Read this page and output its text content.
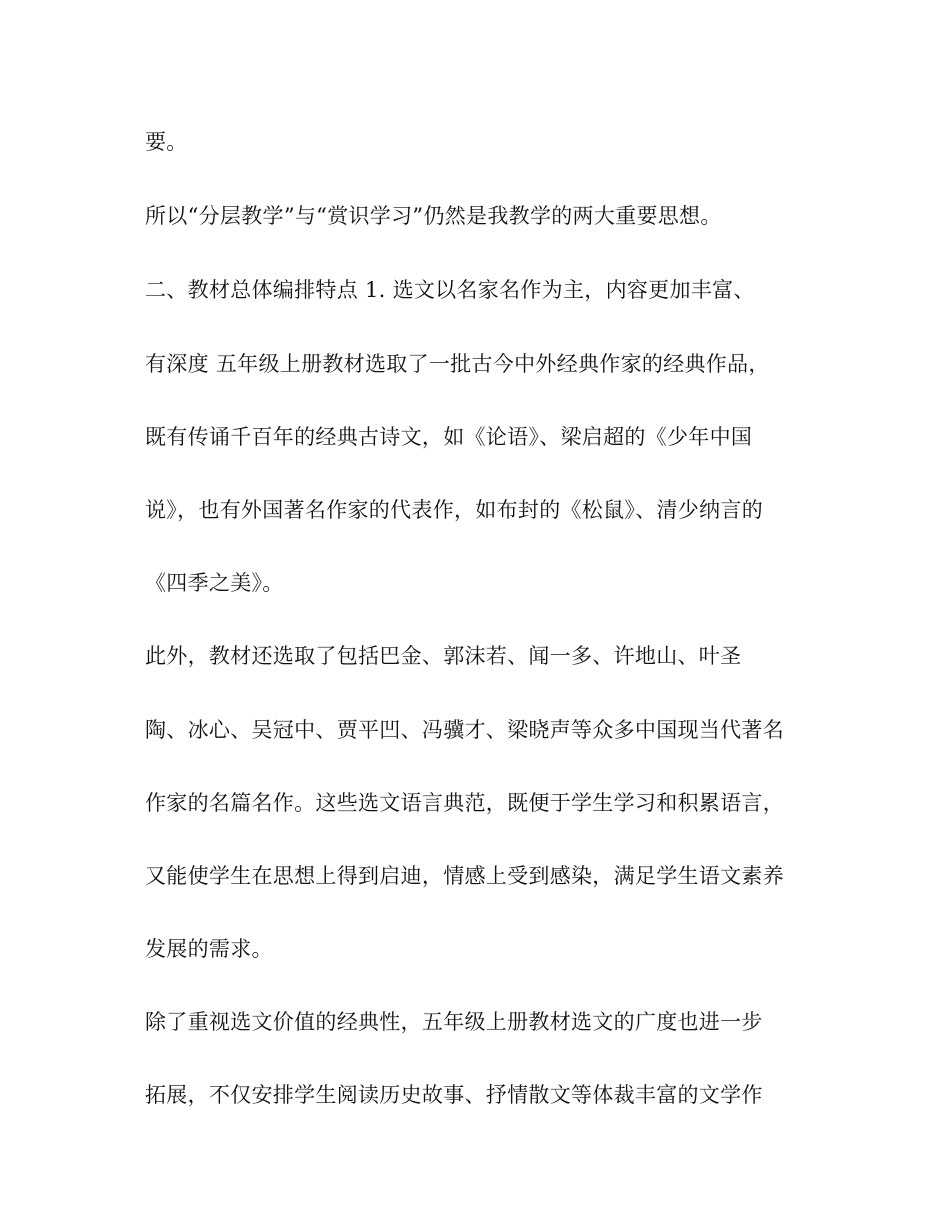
要。
所以“分层教学”与“赏识学习”仍然是我教学的两大重要思想。
二、教材总体编排特点 1. 选文以名家名作为主，内容更加丰富、
有深度 五年级上册教材选取了一批古今中外经典作家的经典作品，
既有传诵千百年的经典古诗文，如《论语》、梁启超的《少年中国
说》，也有外国著名作家的代表作，如布封的《松鼠》、清少纳言的
《四季之美》。
此外，教材还选取了包括巴金、郭沫若、闻一多、许地山、叶圣
陶、冰心、吴冠中、贾平凹、冯骥才、梁晓声等众多中国现当代著名
作家的名篇名作。这些选文语言典范，既便于学生学习和积累语言，
又能使学生在思想上得到启迪，情感上受到感染，满足学生语文素养
发展的需求。
除了重视选文价值的经典性，五年级上册教材选文的广度也进一步
拓展，不仅安排学生阅读历史故事、抒情散文等体裁丰富的文学作
